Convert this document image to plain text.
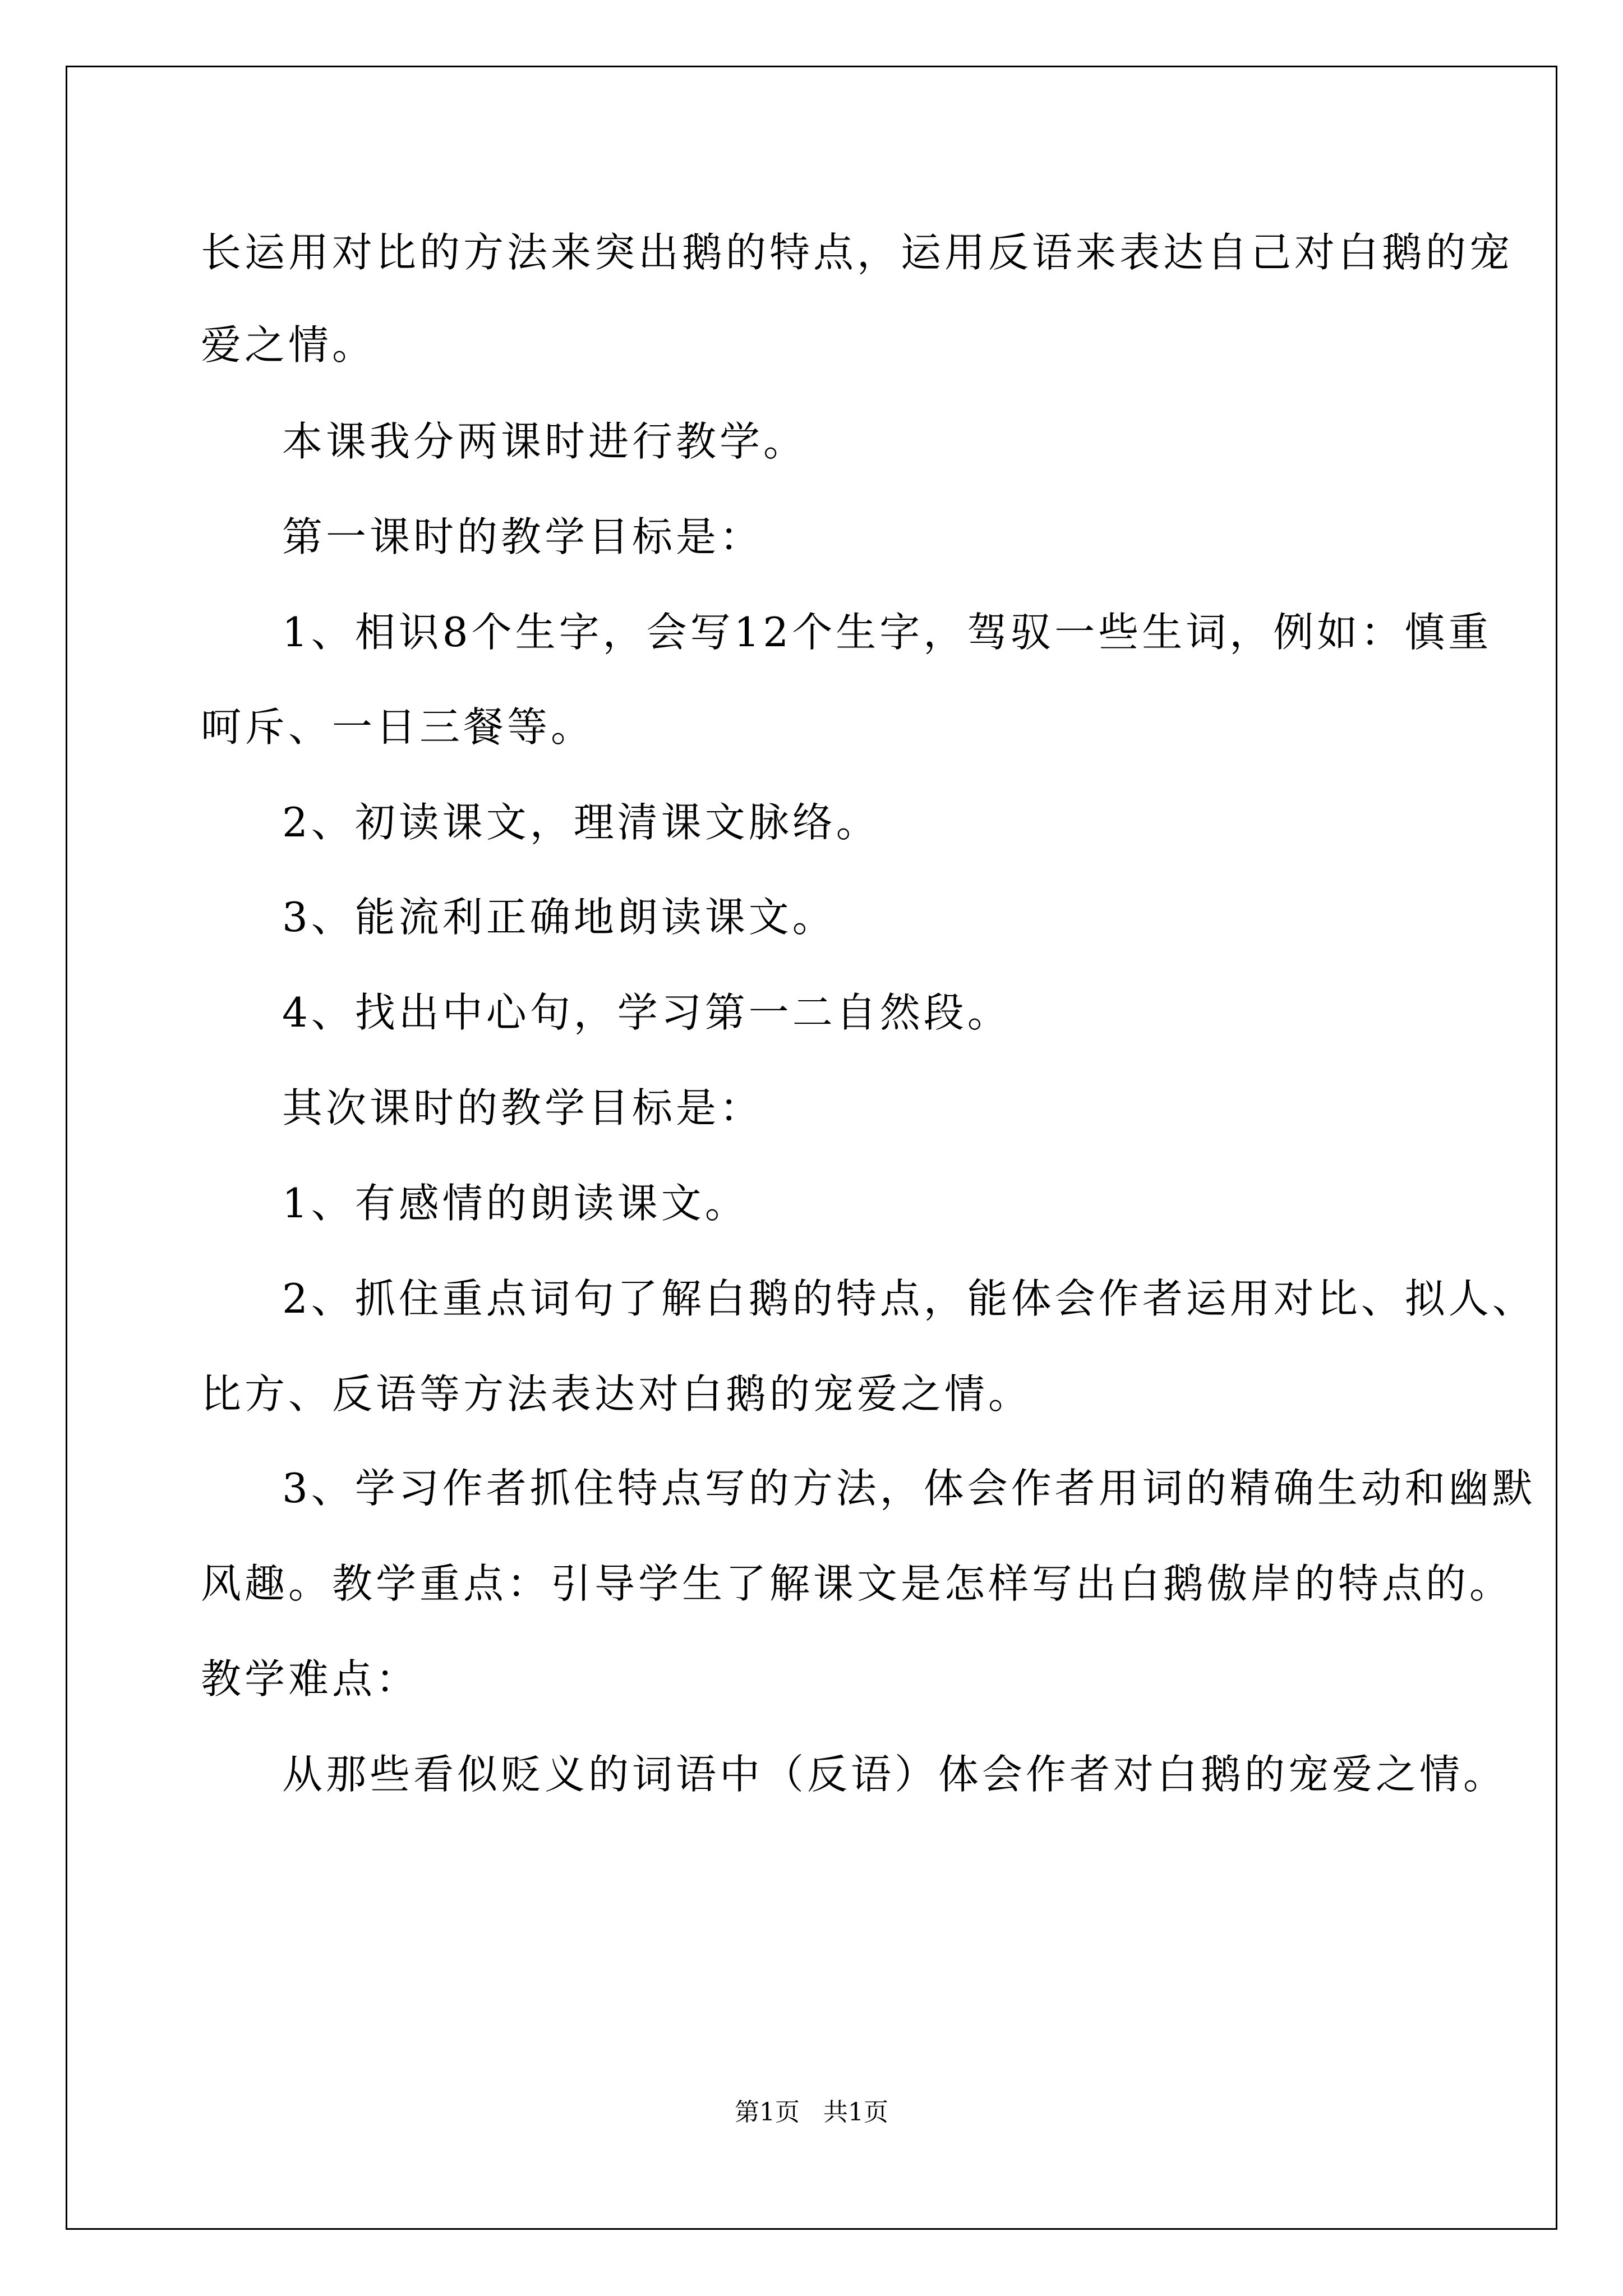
长运用对比的方法来突出鹅的特点，运用反语来表达自己对白鹅的宠
爱之情。
本课我分两课时进行教学。
第一课时的教学目标是：
1、相识8个生字，会写12个生字，驾驭一些生词，例如：慎重
呵斥、一日三餐等。
2、初读课文，理清课文脉络。
3、能流利正确地朗读课文。
4、找出中心句，学习第一二自然段。
其次课时的教学目标是：
1、有感情的朗读课文。
2、抓住重点词句了解白鹅的特点，能体会作者运用对比、拟人、
比方、反语等方法表达对白鹅的宠爱之情。
3、学习作者抓住特点写的方法，体会作者用词的精确生动和幽默
风趣。教学重点：引导学生了解课文是怎样写出白鹅傲岸的特点的。
教学难点：
从那些看似贬义的词语中（反语）体会作者对白鹅的宠爱之情。
第1页   共1页
